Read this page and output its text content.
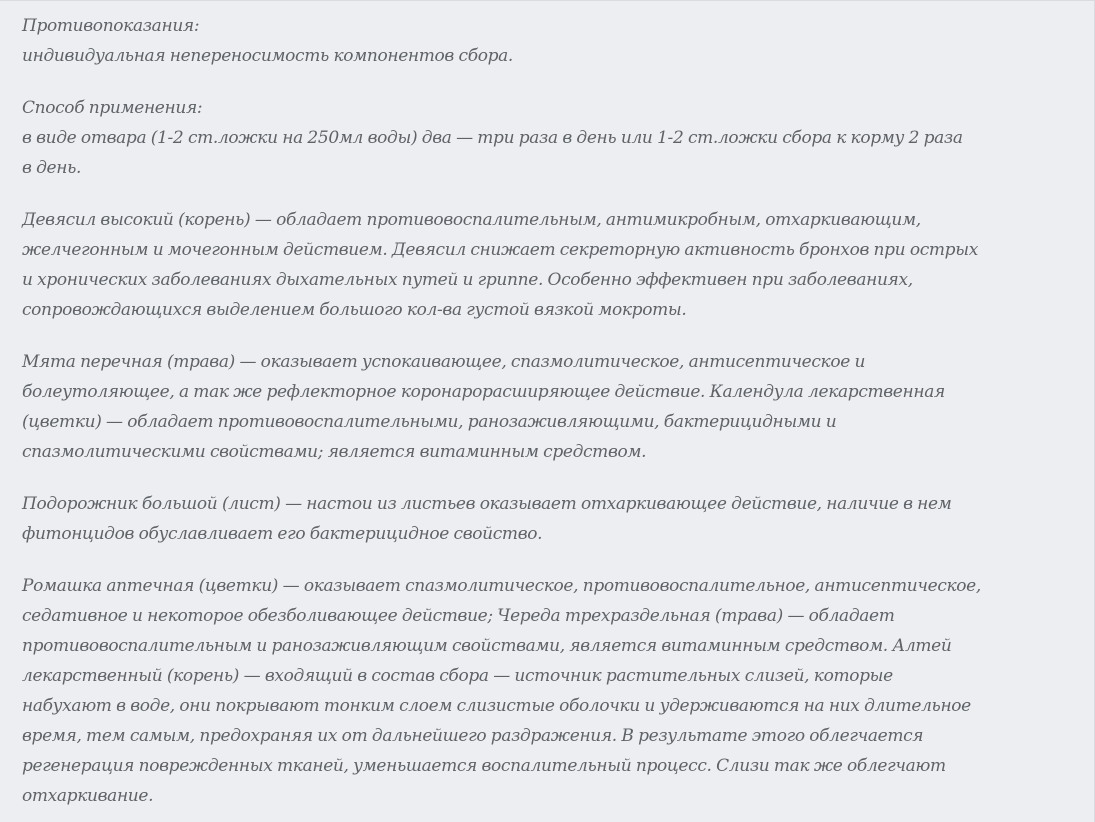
Противопоказания:
индивидуальная непереносимость компонентов сбора.

Способ применения:
в виде отвара (1-2 ст.ложки на 250мл воды) два — три раза в день или 1-2 ст.ложки сбора к корму 2 раза
в день.

Девясил высокий (корень) — обладает противовоспалительным, антимикробным, отхаркивающим,
желчегонным и мочегонным действием. Девясил снижает секреторную активность бронхов при острых
и хронических заболеваниях дыхательных путей и гриппе. Особенно эффективен при заболеваниях,
сопровождающихся выделением большого кол-ва густой вязкой мокроты.

Мята перечная (трава) — оказывает успокаивающее, спазмолитическое, антисептическое и
болеутоляющее, а так же рефлекторное коронарорасширяющее действие. Календула лекарственная
(цветки) — обладает противовоспалительными, ранозаживляющими, бактерицидными и
спазмолитическими свойствами; является витаминным средством.

Подорожник большой (лист) — настои из листьев оказывает отхаркивающее действие, наличие в нем
фитонцидов обуславливает его бактерицидное свойство.

Ромашка аптечная (цветки) — оказывает спазмолитическое, противовоспалительное, антисептическое,
седативное и некоторое обезболивающее действие; Череда трехраздельная (трава) — обладает
противовоспалительным и ранозаживляющим свойствами, является витаминным средством. Алтей
лекарственный (корень) — входящий в состав сбора — источник растительных слизей, которые
набухают в воде, они покрывают тонким слоем слизистые оболочки и удерживаются на них длительное
время, тем самым, предохраняя их от дальнейшего раздражения. В результате этого облегчается
регенерация поврежденных тканей, уменьшается воспалительный процесс. Слизи так же облегчают
отхаркивание.
